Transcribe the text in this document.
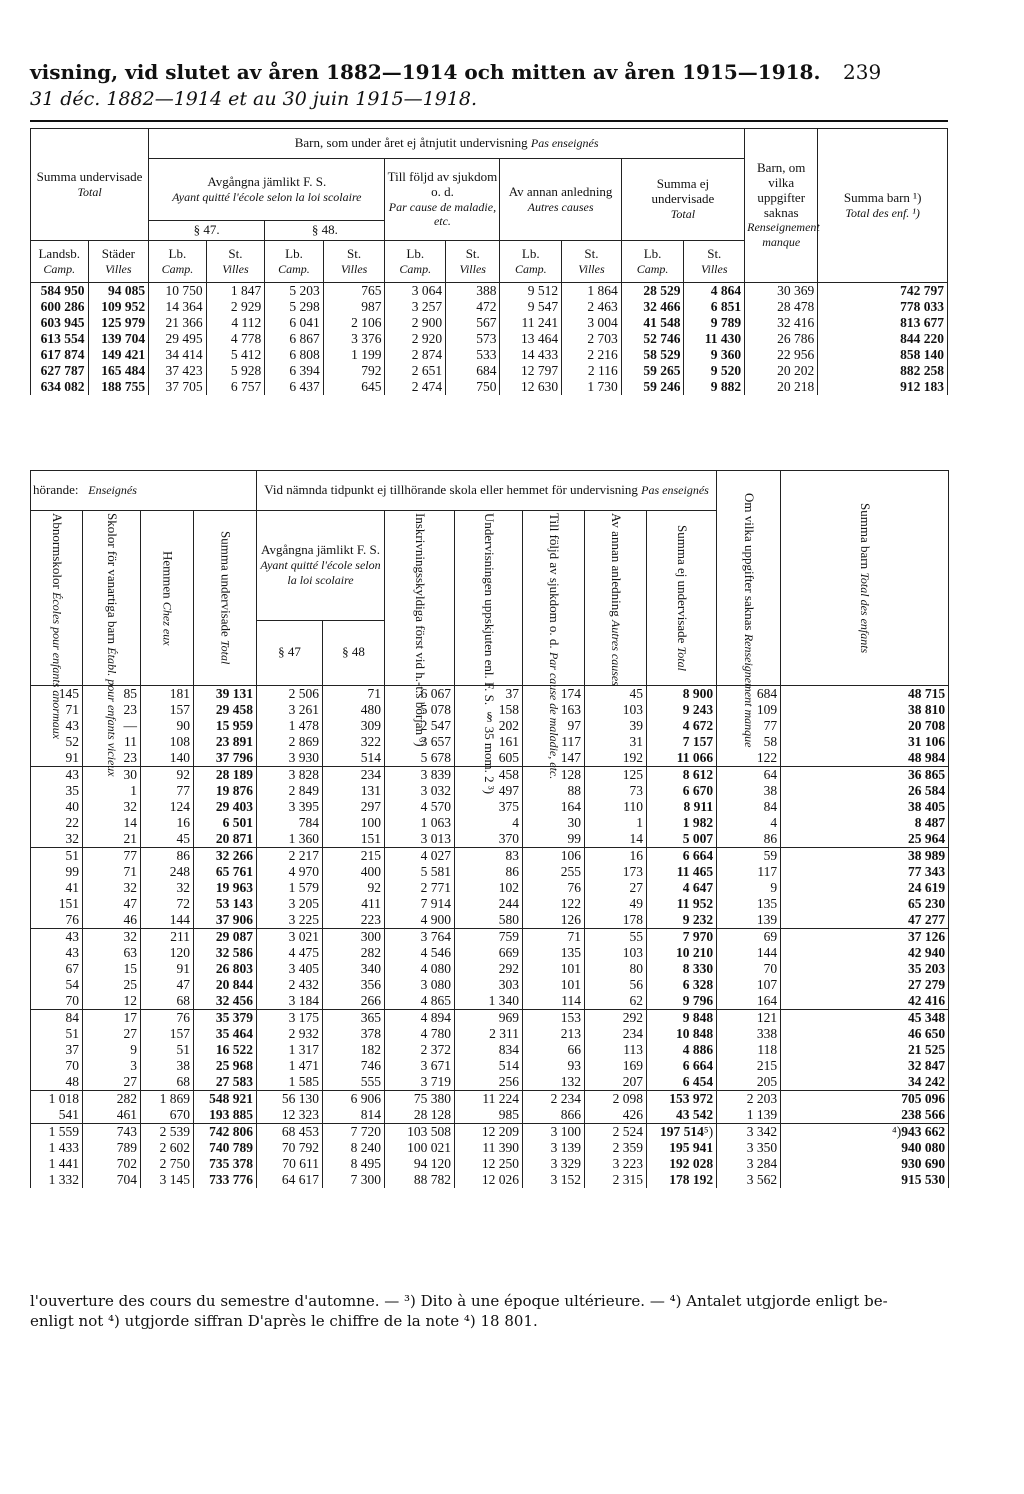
visning, vid slutet av åren 1882—1914 och mitten av åren 1915—1918. 239
31 déc. 1882—1914 et au 30 juin 1915—1918.
Summa undervisade
Total		Barn, som under året ej åtnjutit undervisning Pas enseignés										Barn, om vilka uppgifter saknas
Renseignement manque	Summa barn ¹)
Total des enf. ¹)
		Avgångna jämlikt F. S.
Ayant quitté l'école selon la loi scolaire				Till följd av sjukdom o. d.
Par cause de maladie, etc.		Av annan anledning
Autres causes		Summa ej undervisade
Total			
		§ 47.		§ 48.									
Landsb.
Camp.	Städer
Villes	Lb.
Camp.	St.
Villes	Lb.
Camp.	St.
Villes	Lb.
Camp.	St.
Villes	Lb.
Camp.	St.
Villes	Lb.
Camp.	St.
Villes		
584 950	94 085	10 750	1 847	5 203	765	3 064	388	9 512	1 864	28 529	4 864	30 369	742 797
600 286	109 952	14 364	2 929	5 298	987	3 257	472	9 547	2 463	32 466	6 851	28 478	778 033
603 945	125 979	21 366	4 112	6 041	2 106	2 900	567	11 241	3 004	41 548	9 789	32 416	813 677
613 554	139 704	29 495	4 778	6 867	3 376	2 920	573	13 464	2 703	52 746	11 430	26 786	844 220
617 874	149 421	34 414	5 412	6 808	1 199	2 874	533	14 433	2 216	58 529	9 360	22 956	858 140
627 787	165 484	37 423	5 928	6 394	792	2 651	684	12 797	2 116	59 265	9 520	20 202	882 258
634 082	188 755	37 705	6 757	6 437	645	2 474	750	12 630	1 730	59 246	9 882	20 218	912 183
hörande: Enseignés				Vid nämnda tidpunkt ej tillhörande skola eller hemmet för undervisning Pas enseignés							Om vilka uppgifter saknas Renseignement manque	Summa barn Total des enfants

Abnormskolor Écoles pour enfants anormaux	Skolor för vanartiga barn Établ. pour enfants vicieux	Hemmen Chez eux	Summa undervisade Total	Avgångna jämlikt F. S.
Ayant quitté l'école selon la loi scolaire		Inskrivningsskyldiga först vid h.-t:s början ³)	Undervisningen uppskjuten enl. F. S. § 35 mom. 2 ³)	Till följd av sjukdom o. d. Par cause de maladie, etc.	Av annan anledning Autres causes	Summa ej undervisade Total		

				§ 47	§ 48							
145	85	181	39 131	2 506	71	6 067	37	174	45	8 900	684	48 715
71	23	157	29 458	3 261	480	5 078	158	163	103	9 243	109	38 810
43	—	90	15 959	1 478	309	2 547	202	97	39	4 672	77	20 708
52	11	108	23 891	2 869	322	3 657	161	117	31	7 157	58	31 106
91	23	140	37 796	3 930	514	5 678	605	147	192	11 066	122	48 984
43	30	92	28 189	3 828	234	3 839	458	128	125	8 612	64	36 865
35	1	77	19 876	2 849	131	3 032	497	88	73	6 670	38	26 584
40	32	124	29 403	3 395	297	4 570	375	164	110	8 911	84	38 405
22	14	16	6 501	784	100	1 063	4	30	1	1 982	4	8 487
32	21	45	20 871	1 360	151	3 013	370	99	14	5 007	86	25 964
51	77	86	32 266	2 217	215	4 027	83	106	16	6 664	59	38 989
99	71	248	65 761	4 970	400	5 581	86	255	173	11 465	117	77 343
41	32	32	19 963	1 579	92	2 771	102	76	27	4 647	9	24 619
151	47	72	53 143	3 205	411	7 914	244	122	49	11 952	135	65 230
76	46	144	37 906	3 225	223	4 900	580	126	178	9 232	139	47 277
43	32	211	29 087	3 021	300	3 764	759	71	55	7 970	69	37 126
43	63	120	32 586	4 475	282	4 546	669	135	103	10 210	144	42 940
67	15	91	26 803	3 405	340	4 080	292	101	80	8 330	70	35 203
54	25	47	20 844	2 432	356	3 080	303	101	56	6 328	107	27 279
70	12	68	32 456	3 184	266	4 865	1 340	114	62	9 796	164	42 416
84	17	76	35 379	3 175	365	4 894	969	153	292	9 848	121	45 348
51	27	157	35 464	2 932	378	4 780	2 311	213	234	10 848	338	46 650
37	9	51	16 522	1 317	182	2 372	834	66	113	4 886	118	21 525
70	3	38	25 968	1 471	746	3 671	514	93	169	6 664	215	32 847
48	27	68	27 583	1 585	555	3 719	256	132	207	6 454	205	34 242
1 018	282	1 869	548 921	56 130	6 906	75 380	11 224	2 234	2 098	153 972	2 203	705 096
541	461	670	193 885	12 323	814	28 128	985	866	426	43 542	1 139	238 566
1 559	743	2 539	742 806	68 453	7 720	103 508	12 209	3 100	2 524	197 514⁵)	3 342	⁴)943 662
1 433	789	2 602	740 789	70 792	8 240	100 021	11 390	3 139	2 359	195 941	3 350	940 080
1 441	702	2 750	735 378	70 611	8 495	94 120	12 250	3 329	3 223	192 028	3 284	930 690
1 332	704	3 145	733 776	64 617	7 300	88 782	12 026	3 152	2 315	178 192	3 562	915 530
l'ouverture des cours du semestre d'automne. — ³) Dito à une époque ultérieure. — ⁴) Antalet utgjorde enligt be-
enligt not ⁴) utgjorde siffran D'après le chiffre de la note ⁴) 18 801.
